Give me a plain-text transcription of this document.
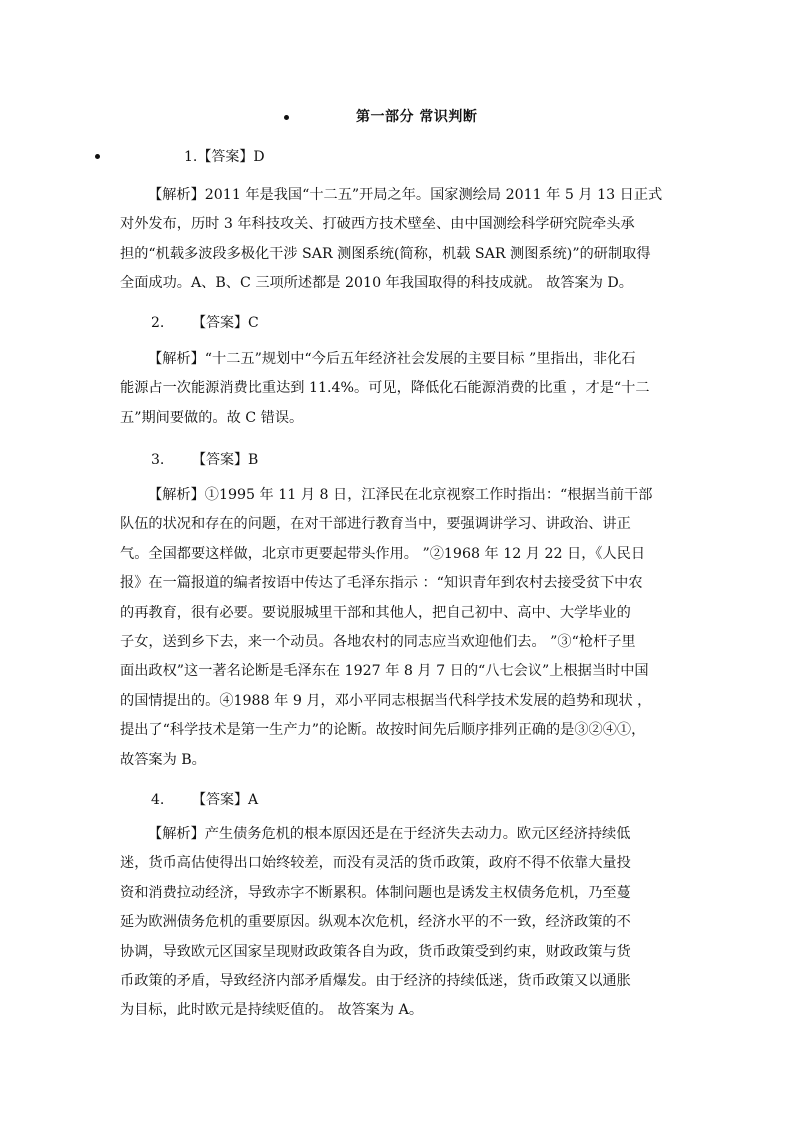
第一部分 常识判断
1.【答案】D
【解析】2011 年是我国“十二五”开局之年。国家测绘局 2011 年 5 月 13 日正式
对外发布，历时 3 年科技攻关、打破西方技术壁垒、由中国测绘科学研究院牵头承
担的“机载多波段多极化干涉 SAR 测图系统(简称，机载 SAR 测图系统)”的研制取得
全面成功。A、B、C 三项所述都是 2010 年我国取得的科技成就。 故答案为 D。
2. 【答案】C
【解析】“十二五”规划中“今后五年经济社会发展的主要目标 ”里指出，非化石
能源占一次能源消费比重达到 11.4%。可见，降低化石能源消费的比重 ，才是“十二
五”期间要做的。故 C 错误。
3. 【答案】B
【解析】①1995 年 11 月 8 日，江泽民在北京视察工作时指出：“根据当前干部
队伍的状况和存在的问题，在对干部进行教育当中，要强调讲学习、讲政治、讲正
气。全国都要这样做，北京市更要起带头作用。 ”②1968 年 12 月 22 日，《人民日
报》在一篇报道的编者按语中传达了毛泽东指示 ：“知识青年到农村去接受贫下中农
的再教育，很有必要。要说服城里干部和其他人，把自己初中、高中、大学毕业的
子女，送到乡下去，来一个动员。各地农村的同志应当欢迎他们去。 ”③“枪杆子里
面出政权”这一著名论断是毛泽东在 1927 年 8 月 7 日的“八七会议”上根据当时中国
的国情提出的。④1988 年 9 月，邓小平同志根据当代科学技术发展的趋势和现状 ，
提出了“科学技术是第一生产力”的论断。故按时间先后顺序排列正确的是③②④①，
故答案为 B。
4. 【答案】A
【解析】产生债务危机的根本原因还是在于经济失去动力。欧元区经济持续低
迷，货币高估使得出口始终较差，而没有灵活的货币政策，政府不得不依靠大量投
资和消费拉动经济，导致赤字不断累积。体制问题也是诱发主权债务危机，乃至蔓
延为欧洲债务危机的重要原因。纵观本次危机，经济水平的不一致，经济政策的不
协调，导致欧元区国家呈现财政政策各自为政，货币政策受到约束，财政政策与货
币政策的矛盾，导致经济内部矛盾爆发。由于经济的持续低迷，货币政策又以通胀
为目标，此时欧元是持续贬值的。 故答案为 A。
